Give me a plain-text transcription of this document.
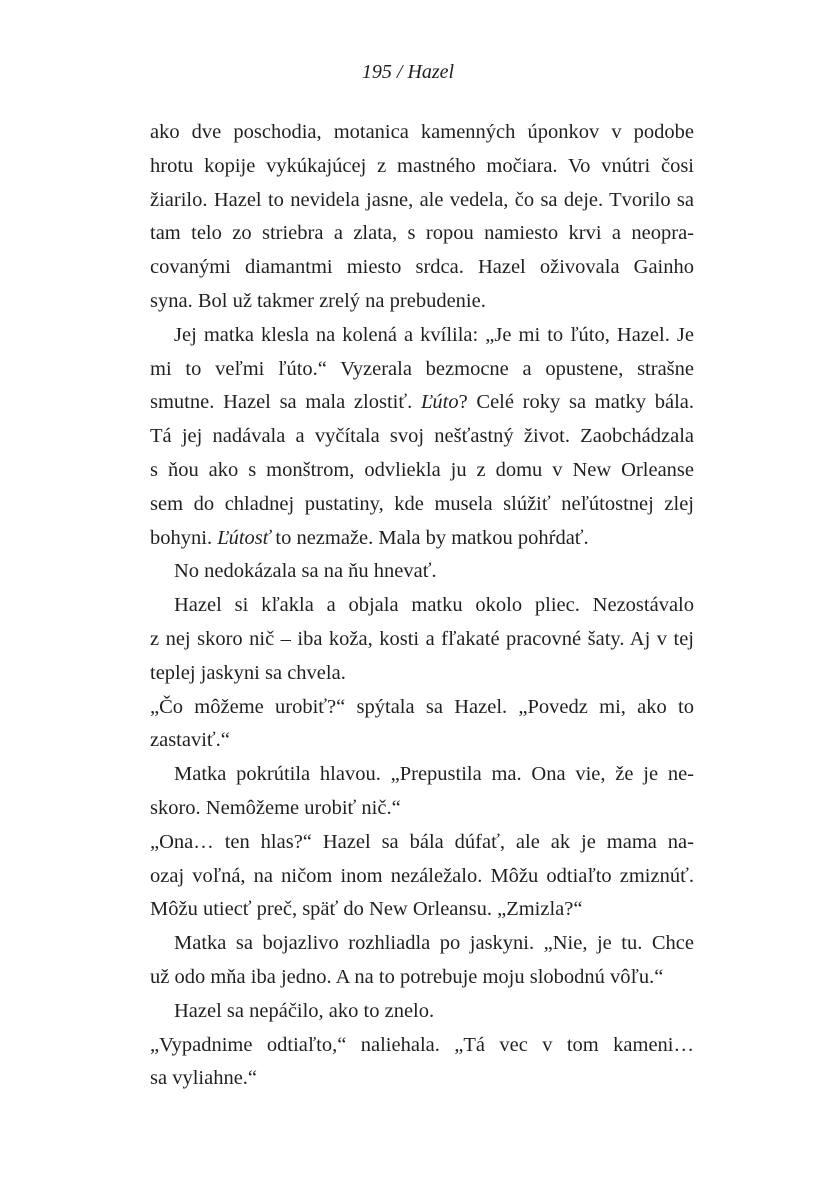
195 / Hazel
ako dve poschodia, motanica kamenných úponkov v podobe
hrotu kopije vykúkajúcej z mastného močiara. Vo vnútri čosi
žiarilo. Hazel to nevidela jasne, ale vedela, čo sa deje. Tvorilo sa
tam telo zo striebra a zlata, s ropou namiesto krvi a neopra-
covanými diamantmi miesto srdca. Hazel oživovala Gainho
syna. Bol už takmer zrelý na prebudenie.
Jej matka klesla na kolená a kvílila: „Je mi to ľúto, Hazel. Je
mi to veľmi ľúto.“ Vyzerala bezmocne a opustene, strašne
smutne. Hazel sa mala zlostiť. Ľúto? Celé roky sa matky bála.
Tá jej nadávala a vyčítala svoj nešťastný život. Zaobchádzala
s ňou ako s monštrom, odvliekla ju z domu v New Orleanse
sem do chladnej pustatiny, kde musela slúžiť neľútostnej zlej
bohyni. Ľútosť to nezmaže. Mala by matkou pohŕdať.
No nedokázala sa na ňu hnevať.
Hazel si kľakla a objala matku okolo pliec. Nezostávalo
z nej skoro nič – iba koža, kosti a fľakaté pracovné šaty. Aj v tej
teplej jaskyni sa chvela.
„Čo môžeme urobiť?“ spýtala sa Hazel. „Povedz mi, ako to
zastaviť.“
Matka pokrútila hlavou. „Prepustila ma. Ona vie, že je ne-
skoro. Nemôžeme urobiť nič.“
„Ona… ten hlas?“ Hazel sa bála dúfať, ale ak je mama na-
ozaj voľná, na ničom inom nezáležalo. Môžu odtiaľto zmiznúť.
Môžu utiecť preč, späť do New Orleansu. „Zmizla?“
Matka sa bojazlivo rozhliadla po jaskyni. „Nie, je tu. Chce
už odo mňa iba jedno. A na to potrebuje moju slobodnú vôľu.“
Hazel sa nepáčilo, ako to znelo.
„Vypadnime odtiaľto,“ naliehala. „Tá vec v tom kameni…
sa vyliahne.“
